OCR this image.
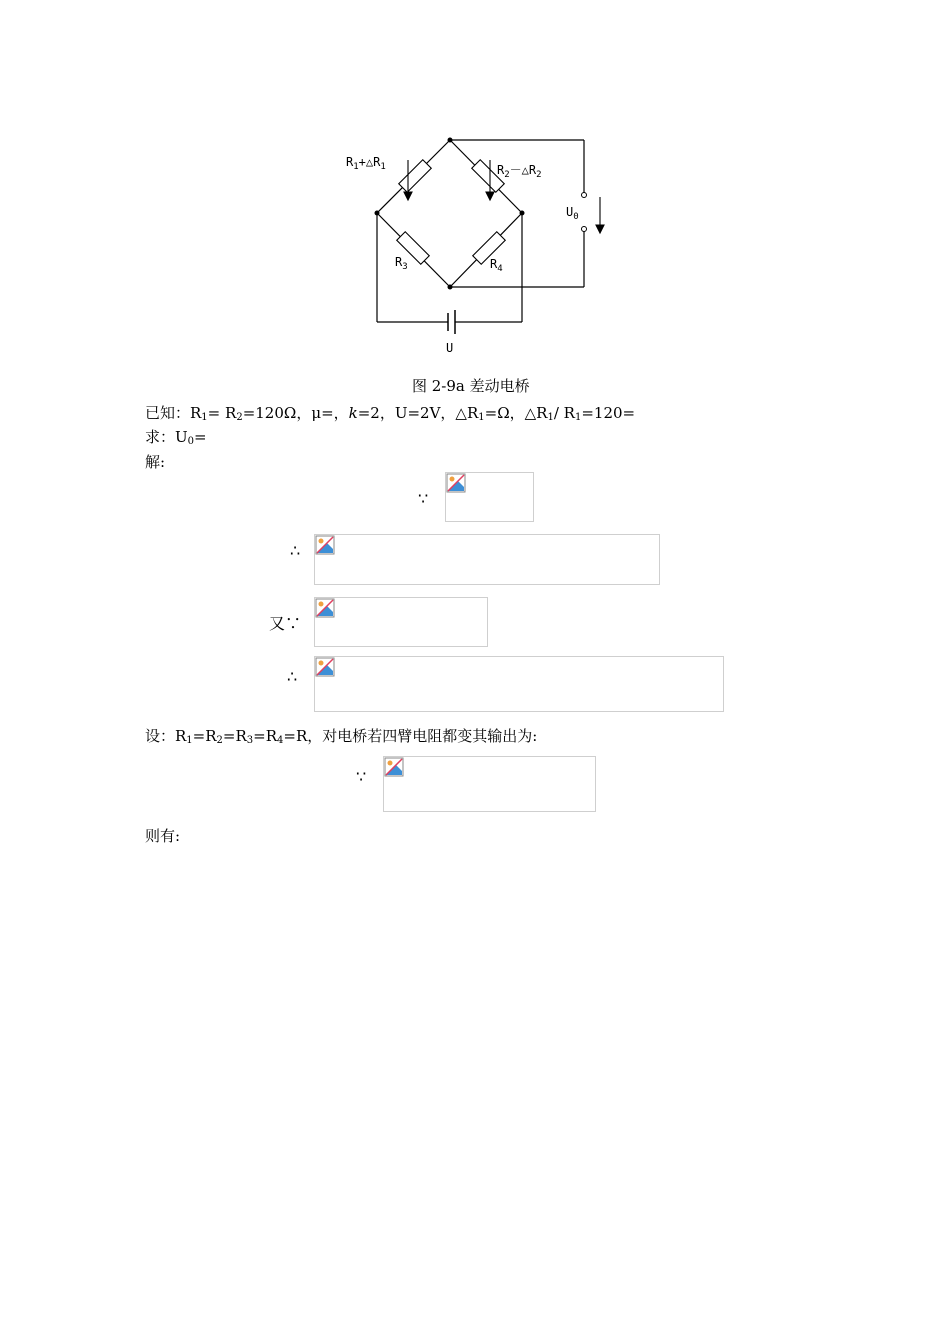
$R_1+\triangle R_1$	$R_2-\triangle R_2$
$R_3$	$R_4$
$U_0$
U
图 2-9a 差动电桥
已知：$R_1= R_2=120\Omega$，μ=，k=2，U=2V，$\triangle R_1=\Omega$，$\triangle R_1/$ $R_1=120=$
求：$U_0=$
解:
∵
∴
又∵
∴
设：$R_1=R_2=R_3=R_4=R$，对电桥若四臂电阻都变其输出为:
∵
则有:
